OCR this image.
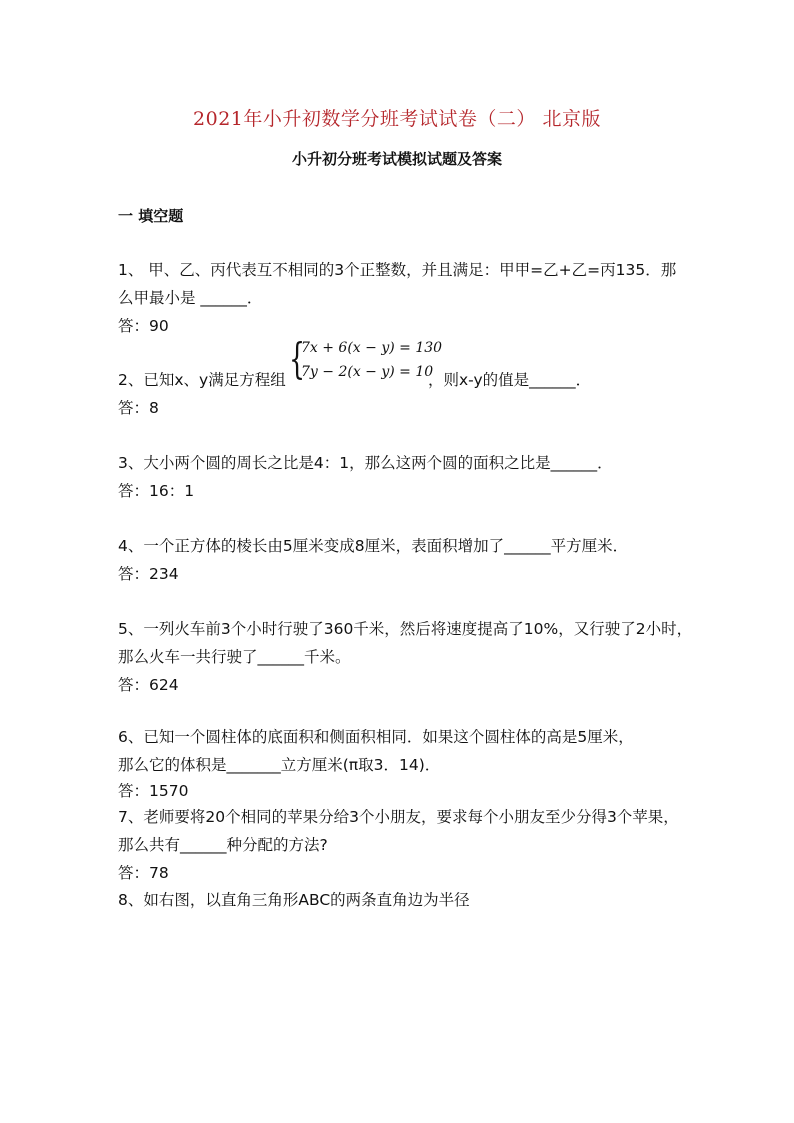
2021年小升初数学分班考试试卷（二） 北京版
小升初分班考试模拟试题及答案
一 填空题
1、 甲、乙、丙代表互不相同的3个正整数，并且满足：甲甲=乙+乙=丙135．那
么甲最小是 ______．
答：90
2、已知x、y满足方程组 {
7x + 6(x − y) = 130
7y − 2(x − y) = 10
，则x-y的值是______．
答：8
3、大小两个圆的周长之比是4：1，那么这两个圆的面积之比是______．
答：16：1
4、一个正方体的棱长由5厘米变成8厘米，表面积增加了______平方厘米．
答：234
5、一列火车前3个小时行驶了360千米，然后将速度提高了10%，又行驶了2小时，
那么火车一共行驶了______千米。
答：624
6、已知一个圆柱体的底面积和侧面积相同．如果这个圆柱体的高是5厘米，
那么它的体积是_______立方厘米(π取3．14)．
答：1570
7、老师要将20个相同的苹果分给3个小朋友，要求每个小朋友至少分得3个苹果，
那么共有______种分配的方法?
答：78
8、如右图，以直角三角形ABC的两条直角边为半径
